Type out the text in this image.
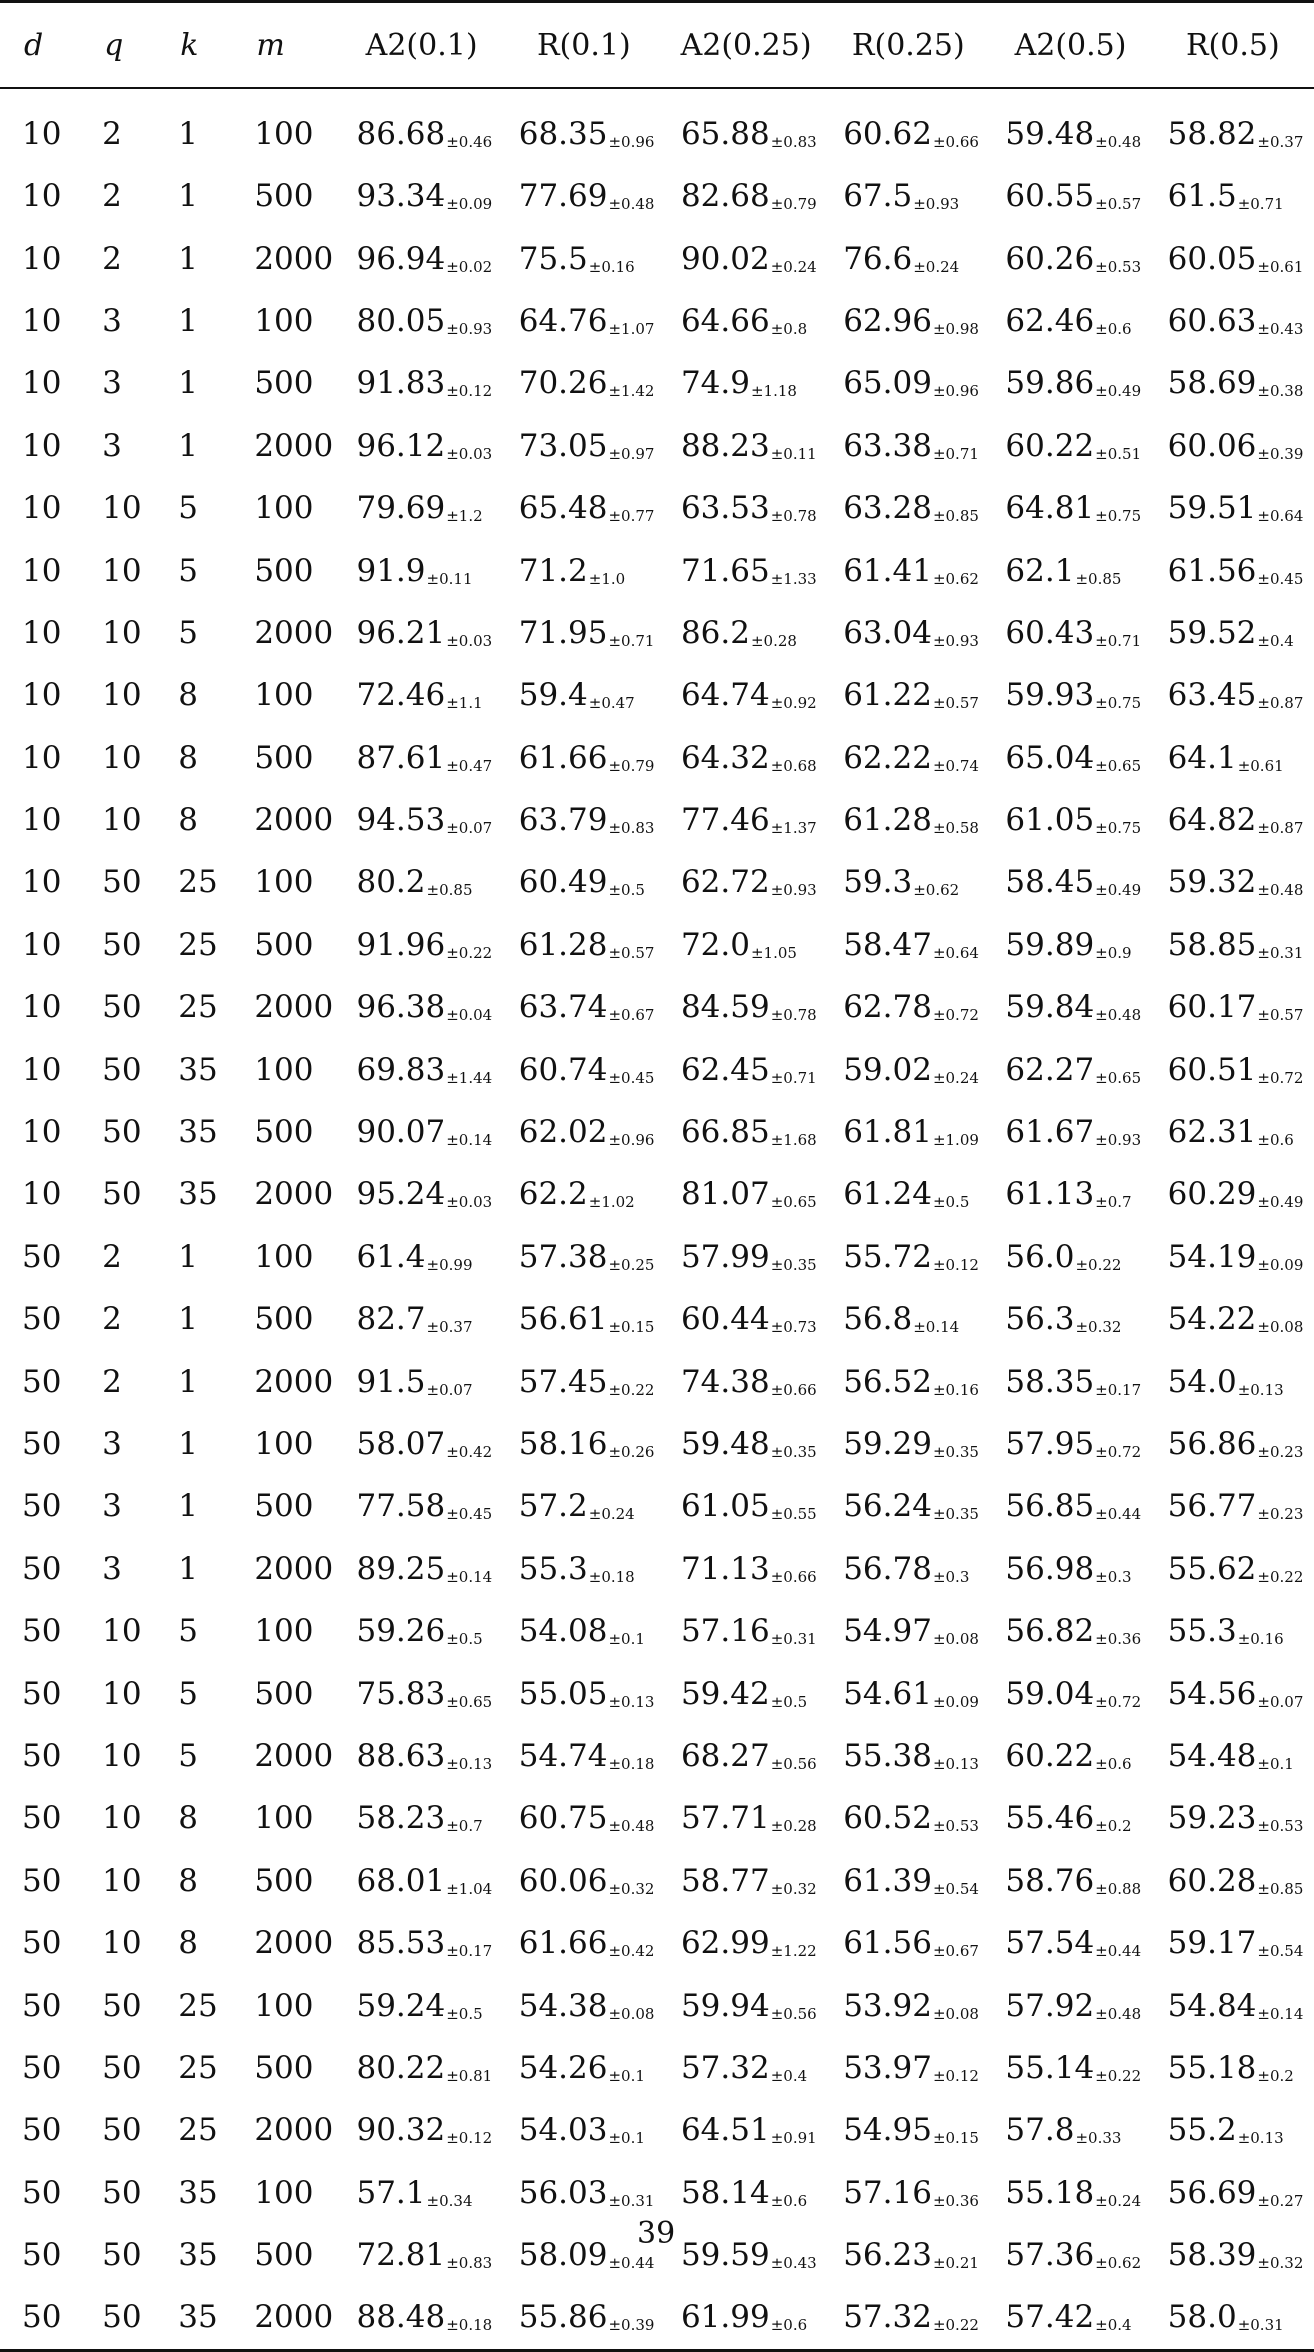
d	q	k	m	A2(0.1)	R(0.1)	A2(0.25)	R(0.25)	A2(0.5)	R(0.5)
10	2	1	100	86.68±0.46	68.35±0.96	65.88±0.83	60.62±0.66	59.48±0.48	58.82±0.37
10	2	1	500	93.34±0.09	77.69±0.48	82.68±0.79	67.5±0.93	60.55±0.57	61.5±0.71
10	2	1	2000	96.94±0.02	75.5±0.16	90.02±0.24	76.6±0.24	60.26±0.53	60.05±0.61
10	3	1	100	80.05±0.93	64.76±1.07	64.66±0.8	62.96±0.98	62.46±0.6	60.63±0.43
10	3	1	500	91.83±0.12	70.26±1.42	74.9±1.18	65.09±0.96	59.86±0.49	58.69±0.38
10	3	1	2000	96.12±0.03	73.05±0.97	88.23±0.11	63.38±0.71	60.22±0.51	60.06±0.39
10	10	5	100	79.69±1.2	65.48±0.77	63.53±0.78	63.28±0.85	64.81±0.75	59.51±0.64
10	10	5	500	91.9±0.11	71.2±1.0	71.65±1.33	61.41±0.62	62.1±0.85	61.56±0.45
10	10	5	2000	96.21±0.03	71.95±0.71	86.2±0.28	63.04±0.93	60.43±0.71	59.52±0.4
10	10	8	100	72.46±1.1	59.4±0.47	64.74±0.92	61.22±0.57	59.93±0.75	63.45±0.87
10	10	8	500	87.61±0.47	61.66±0.79	64.32±0.68	62.22±0.74	65.04±0.65	64.1±0.61
10	10	8	2000	94.53±0.07	63.79±0.83	77.46±1.37	61.28±0.58	61.05±0.75	64.82±0.87
10	50	25	100	80.2±0.85	60.49±0.5	62.72±0.93	59.3±0.62	58.45±0.49	59.32±0.48
10	50	25	500	91.96±0.22	61.28±0.57	72.0±1.05	58.47±0.64	59.89±0.9	58.85±0.31
10	50	25	2000	96.38±0.04	63.74±0.67	84.59±0.78	62.78±0.72	59.84±0.48	60.17±0.57
10	50	35	100	69.83±1.44	60.74±0.45	62.45±0.71	59.02±0.24	62.27±0.65	60.51±0.72
10	50	35	500	90.07±0.14	62.02±0.96	66.85±1.68	61.81±1.09	61.67±0.93	62.31±0.6
10	50	35	2000	95.24±0.03	62.2±1.02	81.07±0.65	61.24±0.5	61.13±0.7	60.29±0.49
50	2	1	100	61.4±0.99	57.38±0.25	57.99±0.35	55.72±0.12	56.0±0.22	54.19±0.09
50	2	1	500	82.7±0.37	56.61±0.15	60.44±0.73	56.8±0.14	56.3±0.32	54.22±0.08
50	2	1	2000	91.5±0.07	57.45±0.22	74.38±0.66	56.52±0.16	58.35±0.17	54.0±0.13
50	3	1	100	58.07±0.42	58.16±0.26	59.48±0.35	59.29±0.35	57.95±0.72	56.86±0.23
50	3	1	500	77.58±0.45	57.2±0.24	61.05±0.55	56.24±0.35	56.85±0.44	56.77±0.23
50	3	1	2000	89.25±0.14	55.3±0.18	71.13±0.66	56.78±0.3	56.98±0.3	55.62±0.22
50	10	5	100	59.26±0.5	54.08±0.1	57.16±0.31	54.97±0.08	56.82±0.36	55.3±0.16
50	10	5	500	75.83±0.65	55.05±0.13	59.42±0.5	54.61±0.09	59.04±0.72	54.56±0.07
50	10	5	2000	88.63±0.13	54.74±0.18	68.27±0.56	55.38±0.13	60.22±0.6	54.48±0.1
50	10	8	100	58.23±0.7	60.75±0.48	57.71±0.28	60.52±0.53	55.46±0.2	59.23±0.53
50	10	8	500	68.01±1.04	60.06±0.32	58.77±0.32	61.39±0.54	58.76±0.88	60.28±0.85
50	10	8	2000	85.53±0.17	61.66±0.42	62.99±1.22	61.56±0.67	57.54±0.44	59.17±0.54
50	50	25	100	59.24±0.5	54.38±0.08	59.94±0.56	53.92±0.08	57.92±0.48	54.84±0.14
50	50	25	500	80.22±0.81	54.26±0.1	57.32±0.4	53.97±0.12	55.14±0.22	55.18±0.2
50	50	25	2000	90.32±0.12	54.03±0.1	64.51±0.91	54.95±0.15	57.8±0.33	55.2±0.13
50	50	35	100	57.1±0.34	56.03±0.31	58.14±0.6	57.16±0.36	55.18±0.24	56.69±0.27
50	50	35	500	72.81±0.83	58.09±0.44	59.59±0.43	56.23±0.21	57.36±0.62	58.39±0.32
50	50	35	2000	88.48±0.18	55.86±0.39	61.99±0.6	57.32±0.22	57.42±0.4	58.0±0.31
39
